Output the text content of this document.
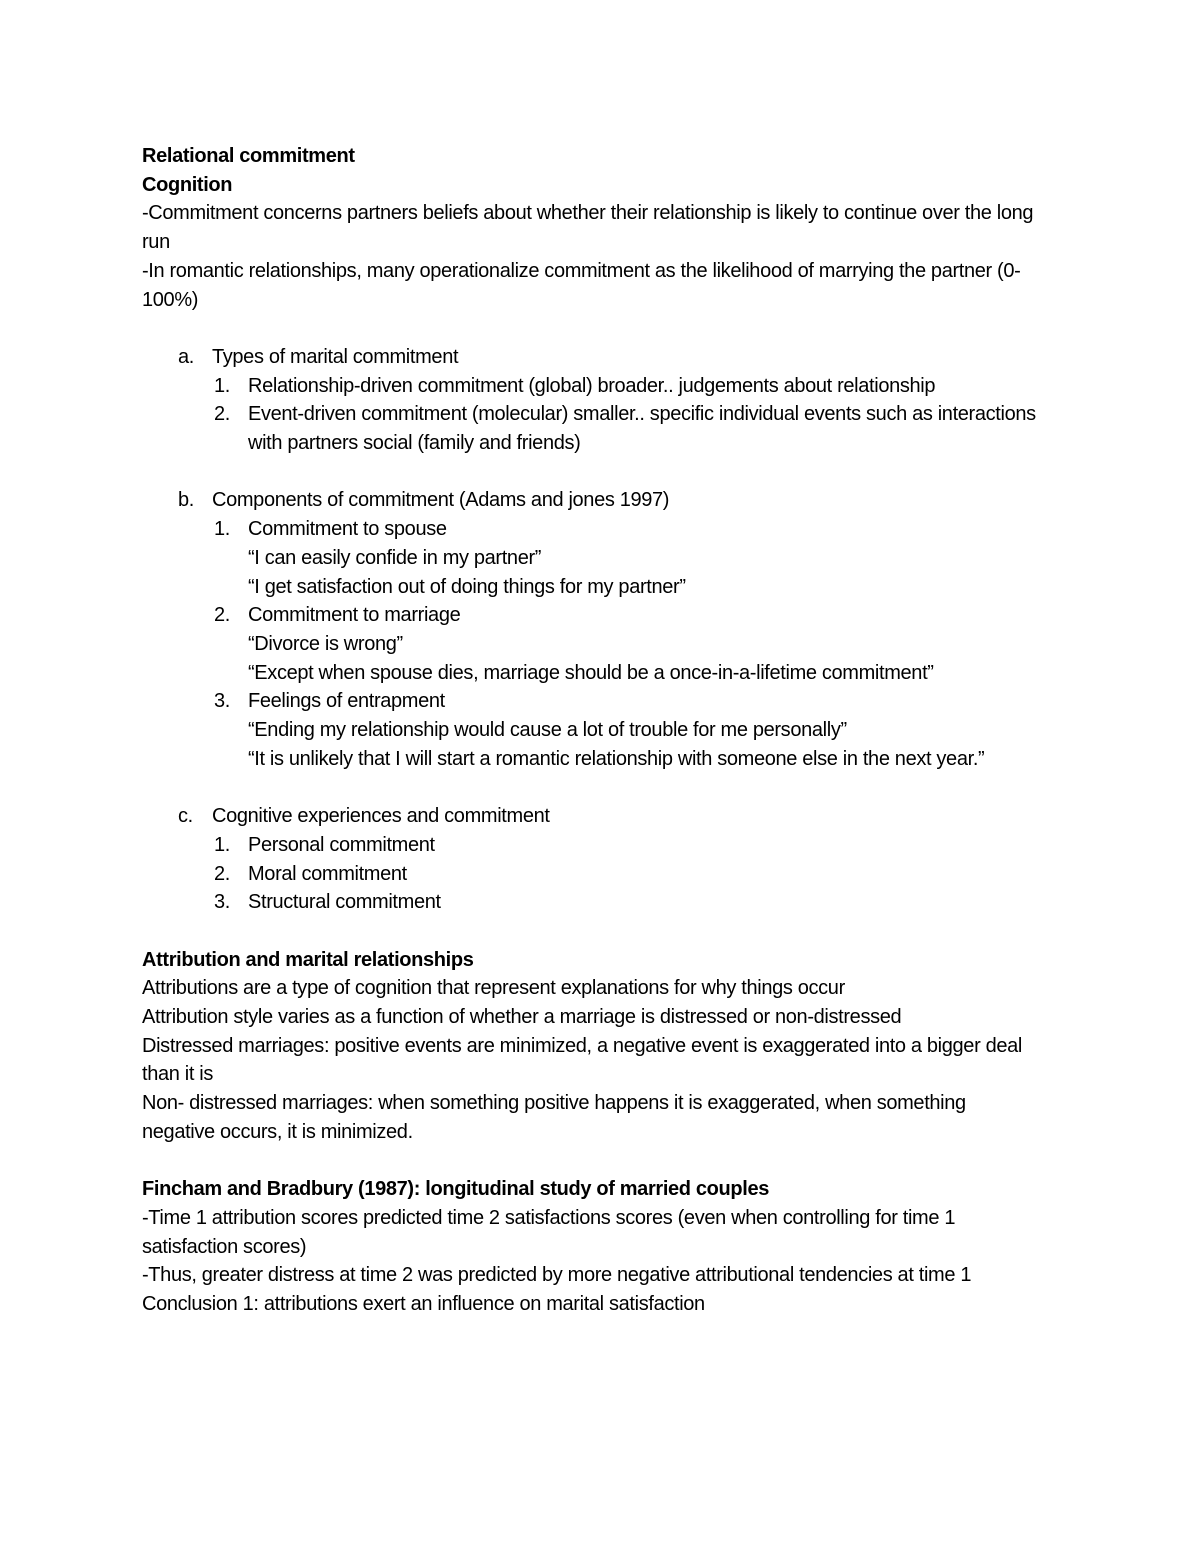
Relational commitment
Cognition
-Commitment concerns partners beliefs about whether their relationship is likely to continue over the long run
-In romantic relationships, many operationalize commitment as the likelihood of marrying the partner (0-100%)
a. Types of marital commitment
1. Relationship-driven commitment (global) broader.. judgements about relationship
2. Event-driven commitment (molecular) smaller.. specific individual events such as interactions with partners social (family and friends)
b. Components of commitment (Adams and jones 1997)
1. Commitment to spouse
“I can easily confide in my partner”
“I get satisfaction out of doing things for my partner”
2. Commitment to marriage
“Divorce is wrong”
“Except when spouse dies, marriage should be a once-in-a-lifetime commitment”
3. Feelings of entrapment
“Ending my relationship would cause a lot of trouble for me personally”
“It is unlikely that I will start a romantic relationship with someone else in the next year.”
c. Cognitive experiences and commitment
1. Personal commitment
2. Moral commitment
3. Structural commitment
Attribution and marital relationships
Attributions are a type of cognition that represent explanations for why things occur
Attribution style varies as a function of whether a marriage is distressed or non-distressed
Distressed marriages: positive events are minimized, a negative event is exaggerated into a bigger deal than it is
Non- distressed marriages: when something positive happens it is exaggerated, when something negative occurs, it is minimized.
Fincham and Bradbury (1987): longitudinal study of married couples
-Time 1 attribution scores predicted time 2 satisfactions scores (even when controlling for time 1 satisfaction scores)
-Thus, greater distress at time 2 was predicted by more negative attributional tendencies at time 1
Conclusion 1: attributions exert an influence on marital satisfaction
